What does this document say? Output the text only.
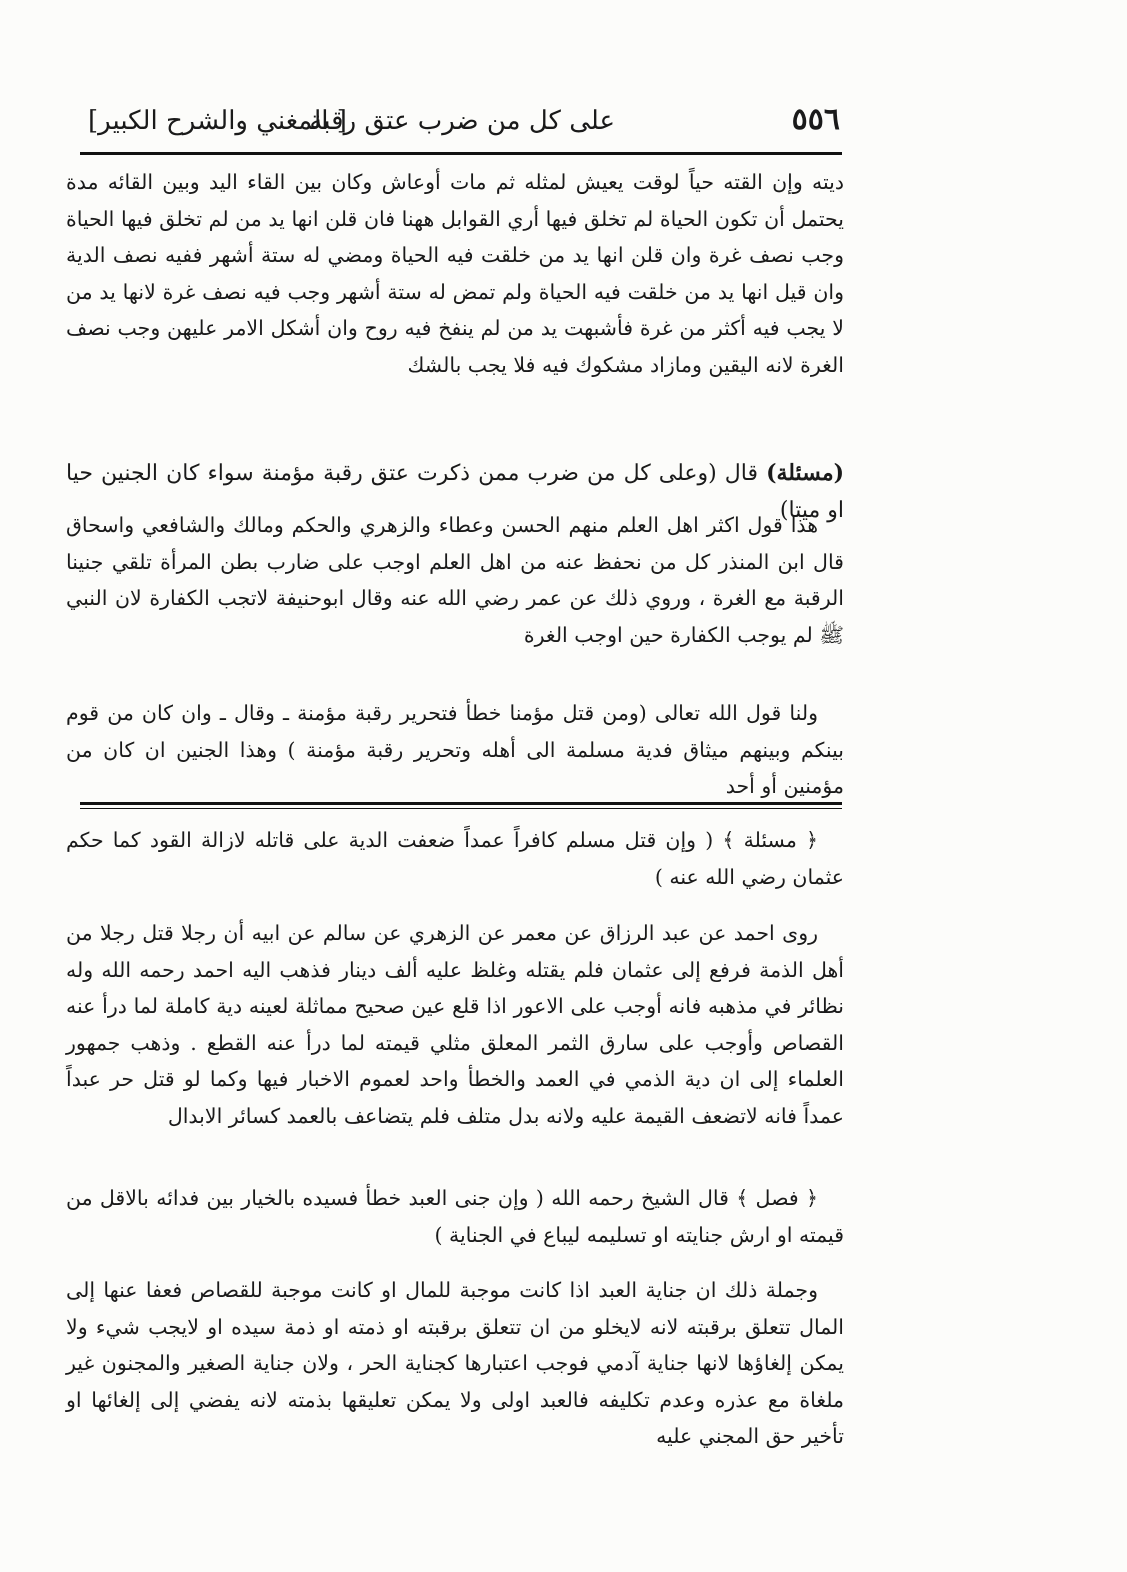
٥٥٦
على كل من ضرب عتق رقبة
[ المغني والشرح الكبير]

ديته وإن القته حياً لوقت يعيش لمثله ثم مات أوعاش وكان بين القاء اليد وبين القائه مدة يحتمل أن تكون الحياة لم تخلق فيها أري القوابل ههنا فان قلن انها يد من لم تخلق فيها الحياة وجب نصف غرة وان قلن انها يد من خلقت فيه الحياة ومضي له ستة أشهر ففيه نصف الدية وان قيل انها يد من خلقت فيه الحياة ولم تمض له ستة أشهر وجب فيه نصف غرة لانها يد من لا يجب فيه أكثر من غرة فأشبهت يد من لم ينفخ فيه روح وان أشكل الامر عليهن وجب نصف الغرة لانه اليقين ومازاد مشكوك فيه فلا يجب بالشك

(مسئلة) قال (وعلى كل من ضرب ممن ذكرت عتق رقبة مؤمنة سواء كان الجنين حيا او ميتا)

هذا قول اكثر اهل العلم منهم الحسن وعطاء والزهري والحكم ومالك والشافعي واسحاق قال ابن المنذر كل من نحفظ عنه من اهل العلم اوجب على ضارب بطن المرأة تلقي جنينا الرقبة مع الغرة ، وروي ذلك عن عمر رضي الله عنه وقال ابوحنيفة لاتجب الكفارة لان النبي ﷺ لم يوجب الكفارة حين اوجب الغرة

ولنا قول الله تعالى (ومن قتل مؤمنا خطأ فتحرير رقبة مؤمنة ـ وقال ـ وان كان من قوم بينكم وبينهم ميثاق فدية مسلمة الى أهله وتحرير رقبة مؤمنة ) وهذا الجنين ان كان من مؤمنين أو أحد

﴿ مسئلة ﴾ ( وإن قتل مسلم كافراً عمداً ضعفت الدية على قاتله لازالة القود كما حكم عثمان رضي الله عنه )

روى احمد عن عبد الرزاق عن معمر عن الزهري عن سالم عن ابيه أن رجلا قتل رجلا من أهل الذمة فرفع إلى عثمان فلم يقتله وغلظ عليه ألف دينار فذهب اليه احمد رحمه الله وله نظائر في مذهبه فانه أوجب على الاعور اذا قلع عين صحيح مماثلة لعينه دية كاملة لما درأ عنه القصاص وأوجب على سارق الثمر المعلق مثلي قيمته لما درأ عنه القطع . وذهب جمهور العلماء إلى ان دية الذمي في العمد والخطأ واحد لعموم الاخبار فيها وكما لو قتل حر عبداً عمداً فانه لاتضعف القيمة عليه ولانه بدل متلف فلم يتضاعف بالعمد كسائر الابدال

﴿ فصل ﴾ قال الشيخ رحمه الله ( وإن جنى العبد خطأ فسيده بالخيار بين فدائه بالاقل من قيمته او ارش جنايته او تسليمه ليباع في الجناية )

وجملة ذلك ان جناية العبد اذا كانت موجبة للمال او كانت موجبة للقصاص فعفا عنها إلى المال تتعلق برقبته لانه لايخلو من ان تتعلق برقبته او ذمته او ذمة سيده او لايجب شيء ولا يمكن إلغاؤها لانها جناية آدمي فوجب اعتبارها كجناية الحر ، ولان جناية الصغير والمجنون غير ملغاة مع عذره وعدم تكليفه فالعبد اولى ولا يمكن تعليقها بذمته لانه يفضي إلى إلغائها او تأخير حق المجني عليه
